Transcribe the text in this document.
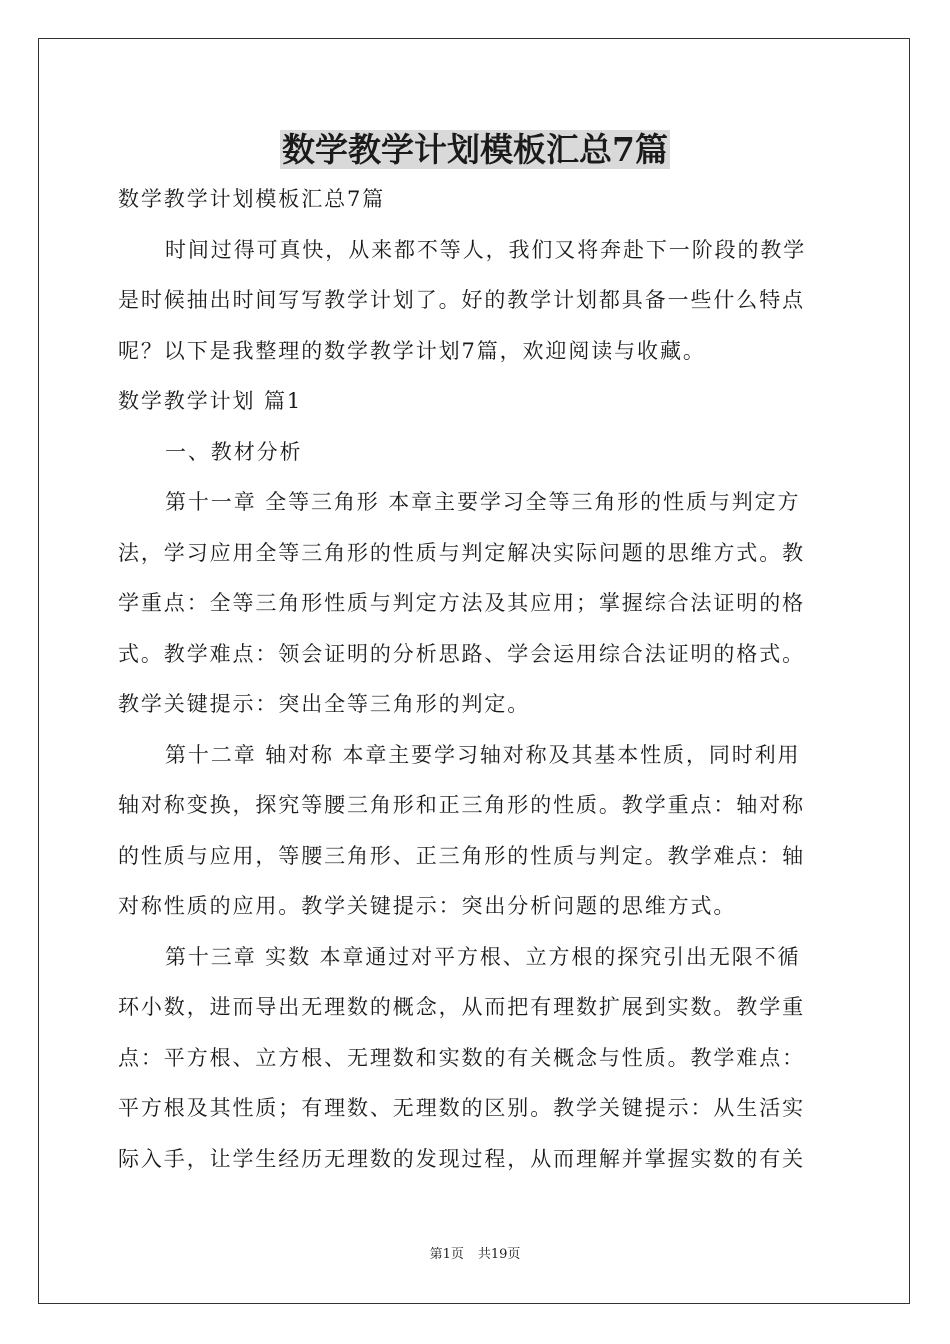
数学教学计划模板汇总7篇

数学教学计划模板汇总7篇

时间过得可真快，从来都不等人，我们又将奔赴下一阶段的教学

是时候抽出时间写写教学计划了。好的教学计划都具备一些什么特点

呢？以下是我整理的数学教学计划7篇，欢迎阅读与收藏。

数学教学计划 篇1

一、教材分析

第十一章 全等三角形 本章主要学习全等三角形的性质与判定方

法，学习应用全等三角形的性质与判定解决实际问题的思维方式。教

学重点：全等三角形性质与判定方法及其应用；掌握综合法证明的格

式。教学难点：领会证明的分析思路、学会运用综合法证明的格式。

教学关键提示：突出全等三角形的判定。

第十二章 轴对称 本章主要学习轴对称及其基本性质，同时利用

轴对称变换，探究等腰三角形和正三角形的性质。教学重点：轴对称

的性质与应用，等腰三角形、正三角形的性质与判定。教学难点：轴

对称性质的应用。教学关键提示：突出分析问题的思维方式。

第十三章 实数 本章通过对平方根、立方根的探究引出无限不循

环小数，进而导出无理数的概念，从而把有理数扩展到实数。教学重

点：平方根、立方根、无理数和实数的有关概念与性质。教学难点：

平方根及其性质；有理数、无理数的区别。教学关键提示：从生活实

际入手，让学生经历无理数的发现过程，从而理解并掌握实数的有关

第1页 共19页
